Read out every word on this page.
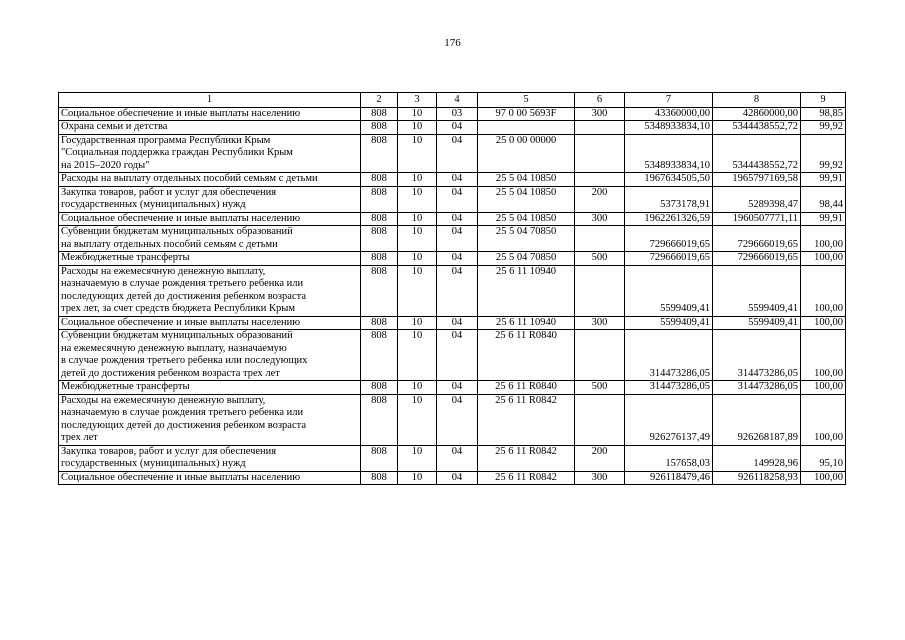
176
1	2	3	4	5	6	7	8	9

Социальное обеспечение и иные выплаты населению	808	10	03	97 0 00 5693F	300	43360000,00	42860000,00	98,85

Охрана семьи и детства	808	10	04			5348933834,10	5344438552,72	99,92

Государственная программа Республики Крым
"Социальная поддержка граждан Республики Крым
на 2015–2020 годы"	808	10	04	25 0 00 00000		5348933834,10	5344438552,72	99,92

Расходы на выплату отдельных пособий семьям с детьми	808	10	04	25 5 04 10850		1967634505,50	1965797169,58	99,91

Закупка товаров, работ и услуг для обеспечения
государственных (муниципальных) нужд	808	10	04	25 5 04 10850	200	5373178,91	5289398,47	98,44

Социальное обеспечение и иные выплаты населению	808	10	04	25 5 04 10850	300	1962261326,59	1960507771,11	99,91

Субвенции бюджетам муниципальных образований
на выплату отдельных пособий семьям с детьми	808	10	04	25 5 04 70850		729666019,65	729666019,65	100,00

Межбюджетные трансферты	808	10	04	25 5 04 70850	500	729666019,65	729666019,65	100,00

Расходы на ежемесячную денежную выплату,
назначаемую в случае рождения третьего ребенка или
последующих детей до достижения ребенком возраста
трех лет, за счет средств бюджета Республики Крым	808	10	04	25 6 11 10940		5599409,41	5599409,41	100,00

Социальное обеспечение и иные выплаты населению	808	10	04	25 6 11 10940	300	5599409,41	5599409,41	100,00

Субвенции бюджетам муниципальных образований
на ежемесячную денежную выплату, назначаемую
в случае рождения третьего ребенка или последующих
детей до достижения ребенком возраста трех лет	808	10	04	25 6 11 R0840		314473286,05	314473286,05	100,00

Межбюджетные трансферты	808	10	04	25 6 11 R0840	500	314473286,05	314473286,05	100,00

Расходы на ежемесячную денежную выплату,
назначаемую в случае рождения третьего ребенка или
последующих детей до достижения ребенком возраста
трех лет	808	10	04	25 6 11 R0842		926276137,49	926268187,89	100,00

Закупка товаров, работ и услуг для обеспечения
государственных (муниципальных) нужд	808	10	04	25 6 11 R0842	200	157658,03	149928,96	95,10

Социальное обеспечение и иные выплаты населению	808	10	04	25 6 11 R0842	300	926118479,46	926118258,93	100,00
